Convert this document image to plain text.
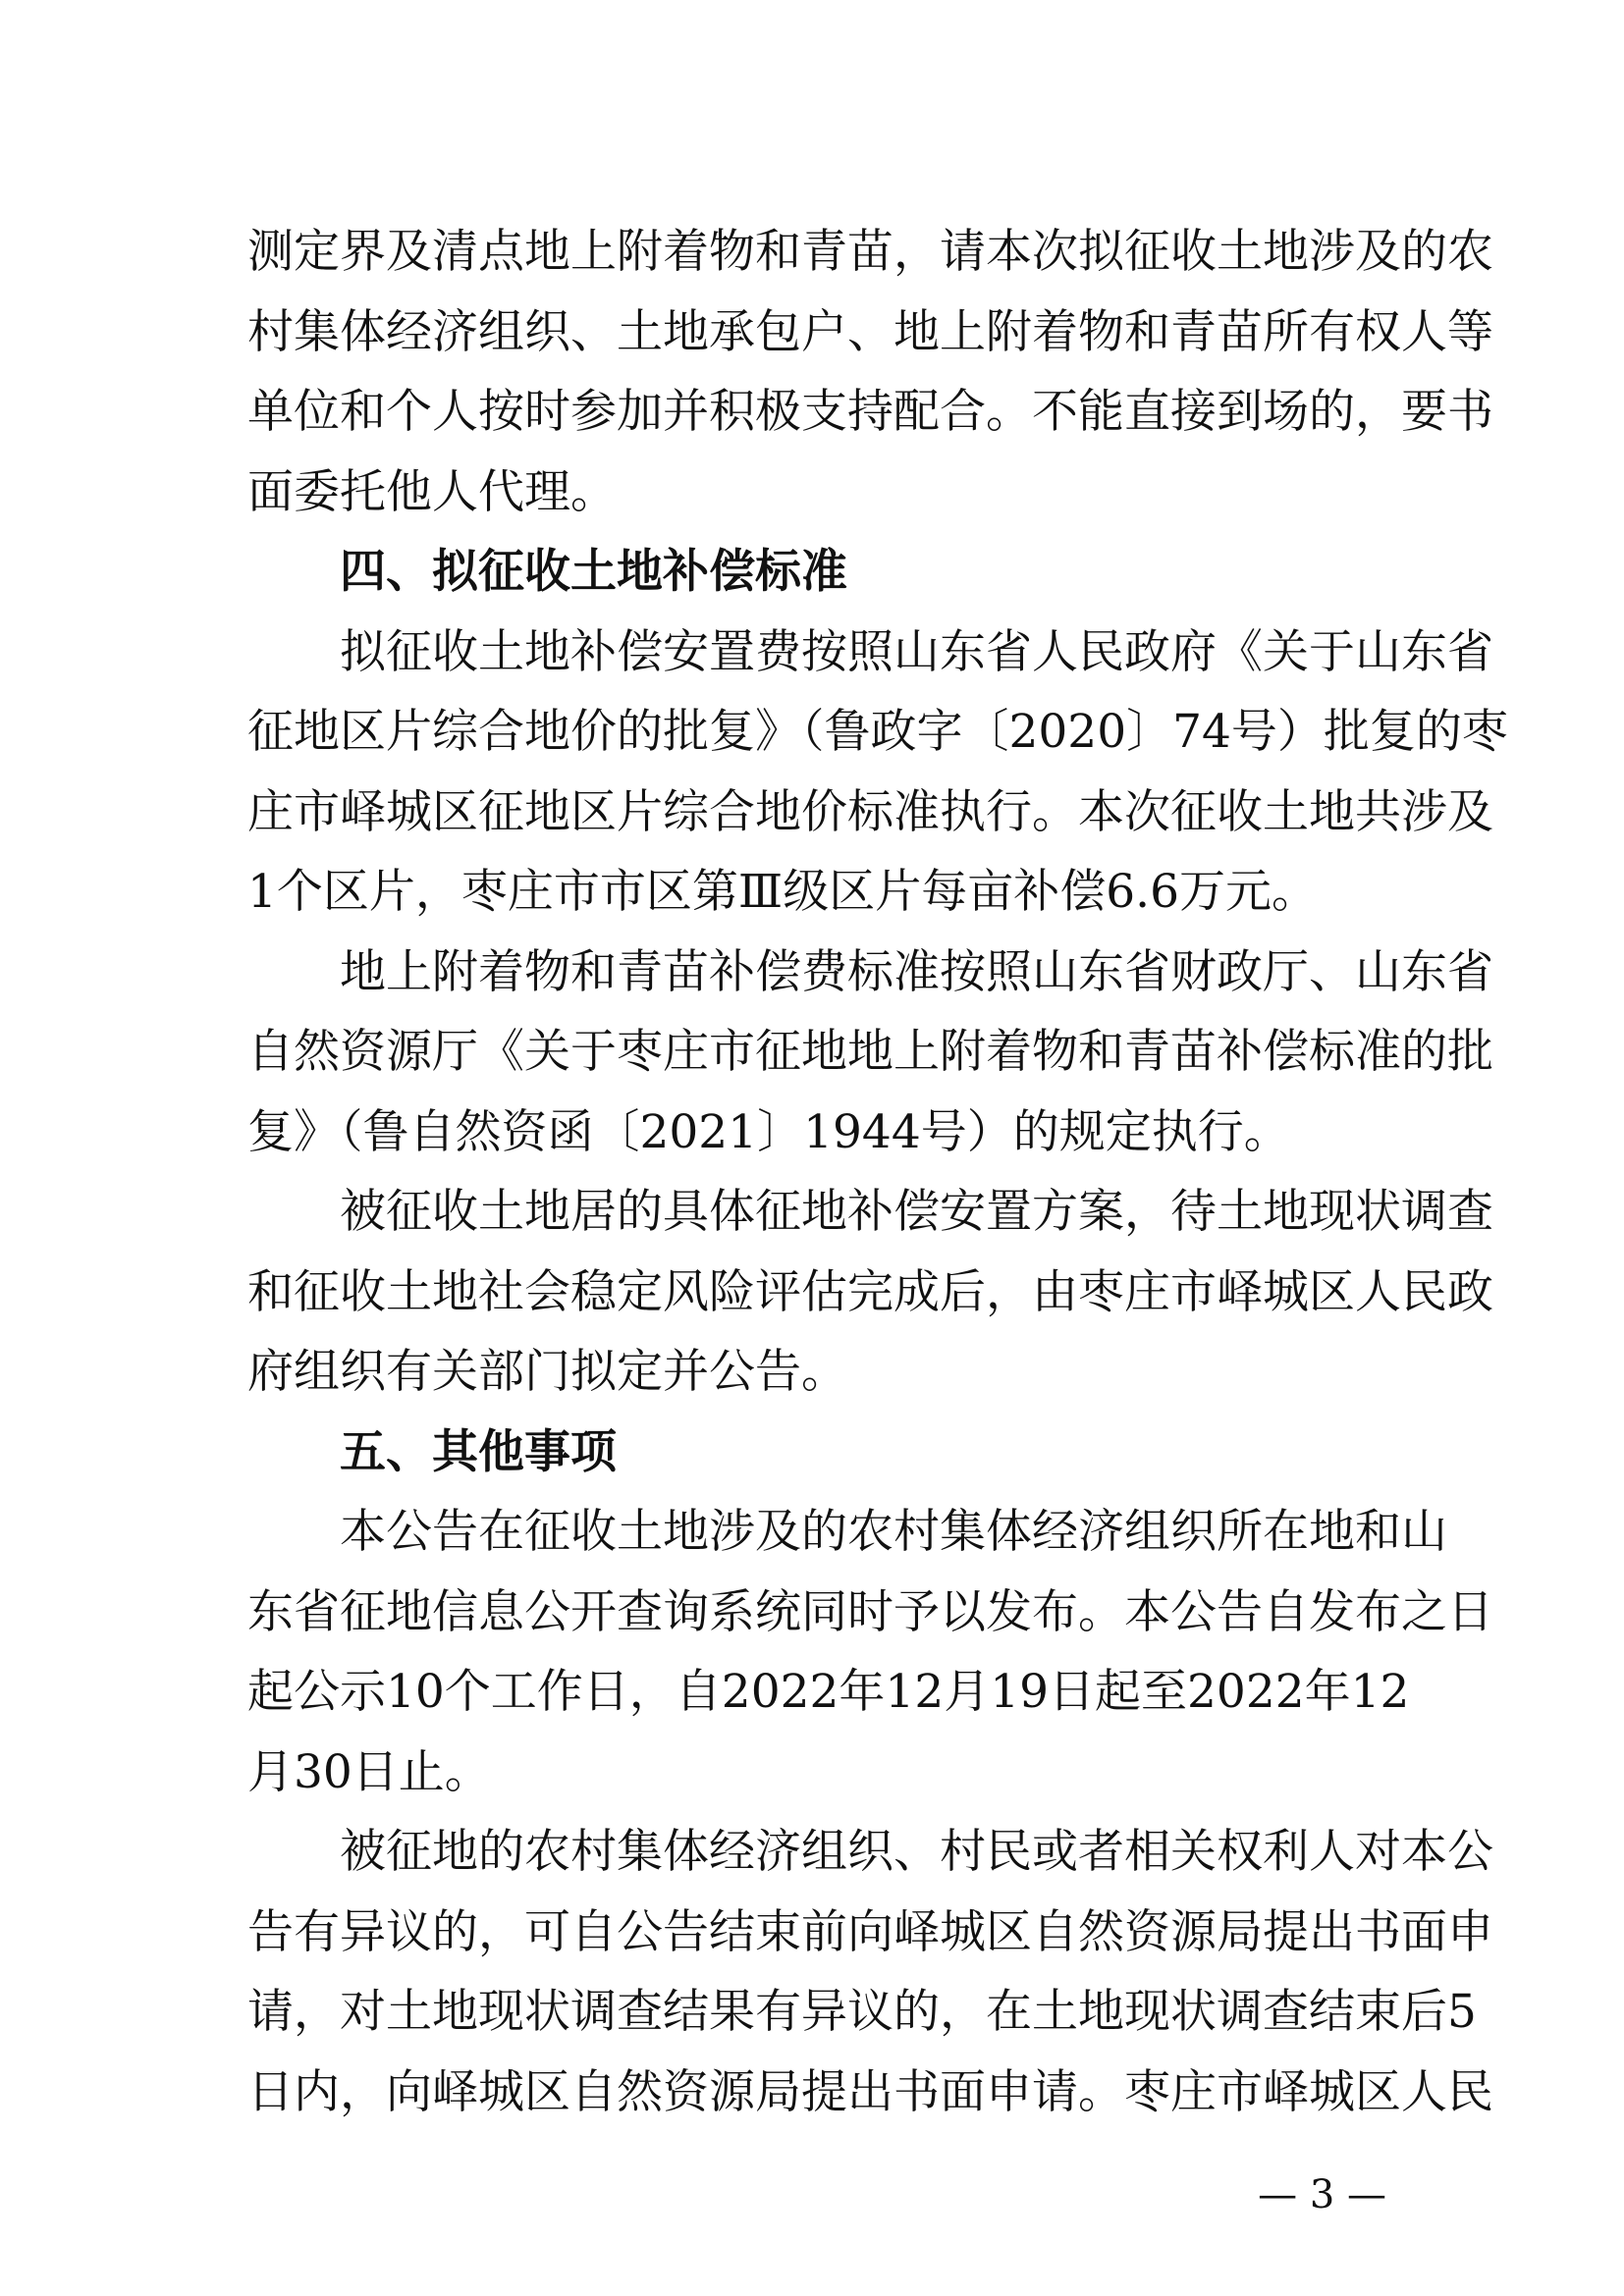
测定界及清点地上附着物和青苗，请本次拟征收土地涉及的农
村集体经济组织、土地承包户、地上附着物和青苗所有权人等
单位和个人按时参加并积极支持配合。不能直接到场的，要书
面委托他人代理。
四、拟征收土地补偿标准
拟征收土地补偿安置费按照山东省人民政府《关于山东省
征地区片综合地价的批复》（鲁政字〔2020〕74号）批复的枣
庄市峄城区征地区片综合地价标准执行。本次征收土地共涉及
1个区片，枣庄市市区第Ⅲ级区片每亩补偿6.6万元。
地上附着物和青苗补偿费标准按照山东省财政厅、山东省
自然资源厅《关于枣庄市征地地上附着物和青苗补偿标准的批
复》（鲁自然资函〔2021〕1944号）的规定执行。
被征收土地居的具体征地补偿安置方案，待土地现状调查
和征收土地社会稳定风险评估完成后，由枣庄市峄城区人民政
府组织有关部门拟定并公告。
五、其他事项
本公告在征收土地涉及的农村集体经济组织所在地和山
东省征地信息公开查询系统同时予以发布。本公告自发布之日
起公示10个工作日，自2022年12月19日起至2022年12
月30日止。
被征地的农村集体经济组织、村民或者相关权利人对本公
告有异议的，可自公告结束前向峄城区自然资源局提出书面申
请，对土地现状调查结果有异议的，在土地现状调查结束后5
日内，向峄城区自然资源局提出书面申请。枣庄市峄城区人民
— 3 —
